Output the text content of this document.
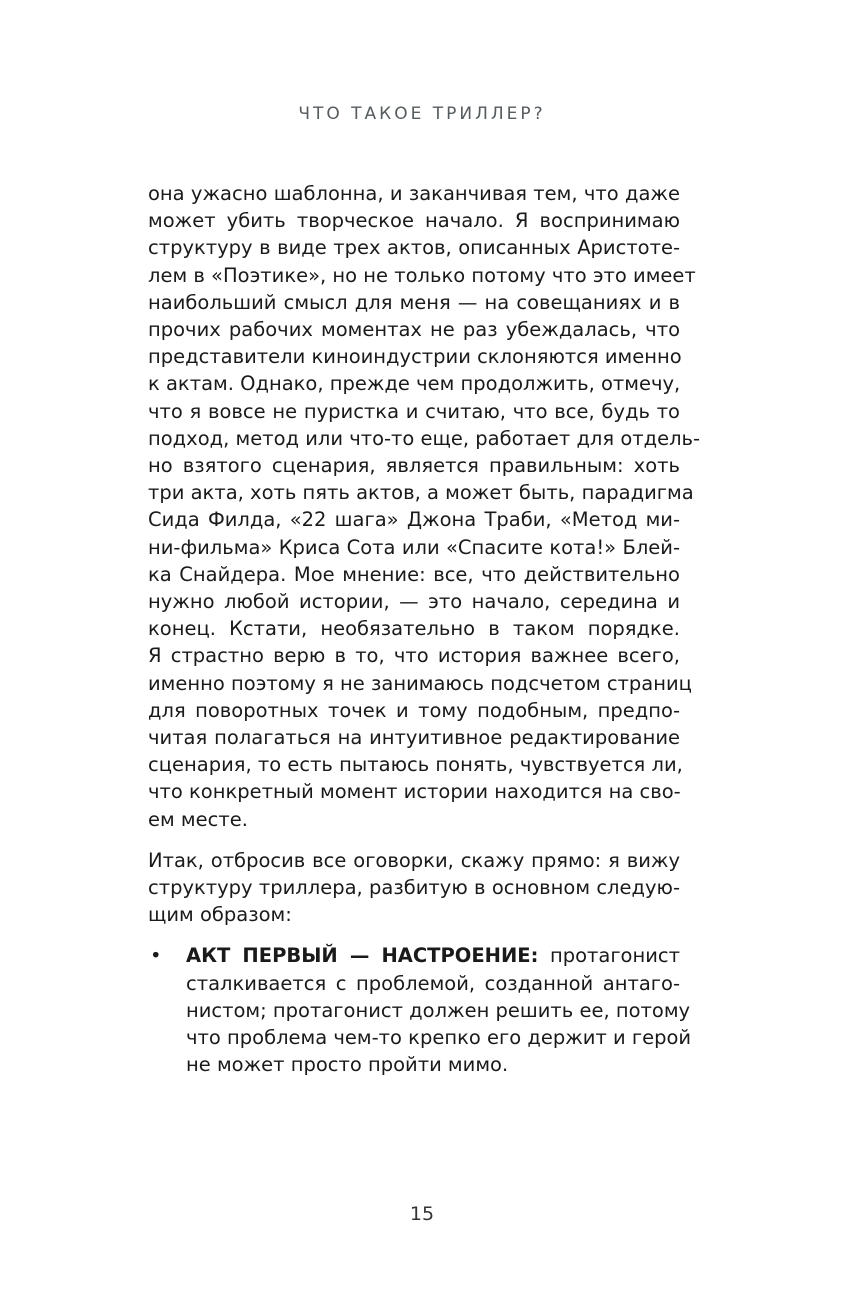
ЧТО ТАКОЕ ТРИЛЛЕР?

она ужасно шаблонна, и заканчивая тем, что даже
может убить творческое начало. Я воспринимаю
структуру в виде трех актов, описанных Аристоте-
лем в «Поэтике», но не только потому что это имеет
наибольший смысл для меня — на совещаниях и в
прочих рабочих моментах не раз убеждалась, что
представители киноиндустрии склоняются именно
к актам. Однако, прежде чем продолжить, отмечу,
что я вовсе не пуристка и считаю, что все, будь то
подход, метод или что-то еще, работает для отдель-
но взятого сценария, является правильным: хоть
три акта, хоть пять актов, а может быть, парадигма
Сида Филда, «22 шага» Джона Траби, «Метод ми-
ни-фильма» Криса Сота или «Спасите кота!» Блей-
ка Снайдера. Мое мнение: все, что действительно
нужно любой истории, — это начало, середина и
конец. Кстати, необязательно в таком порядке.
Я страстно верю в то, что история важнее всего,
именно поэтому я не занимаюсь подсчетом страниц
для поворотных точек и тому подобным, предпо-
читая полагаться на интуитивное редактирование
сценария, то есть пытаюсь понять, чувствуется ли,
что конкретный момент истории находится на сво-
ем месте.

Итак, отбросив все оговорки, скажу прямо: я вижу
структуру триллера, разбитую в основном следую-
щим образом:

• АКТ ПЕРВЫЙ — НАСТРОЕНИЕ: протагонист
сталкивается с проблемой, созданной антаго-
нистом; протагонист должен решить ее, потому
что проблема чем-то крепко его держит и герой
не может просто пройти мимо.
15
